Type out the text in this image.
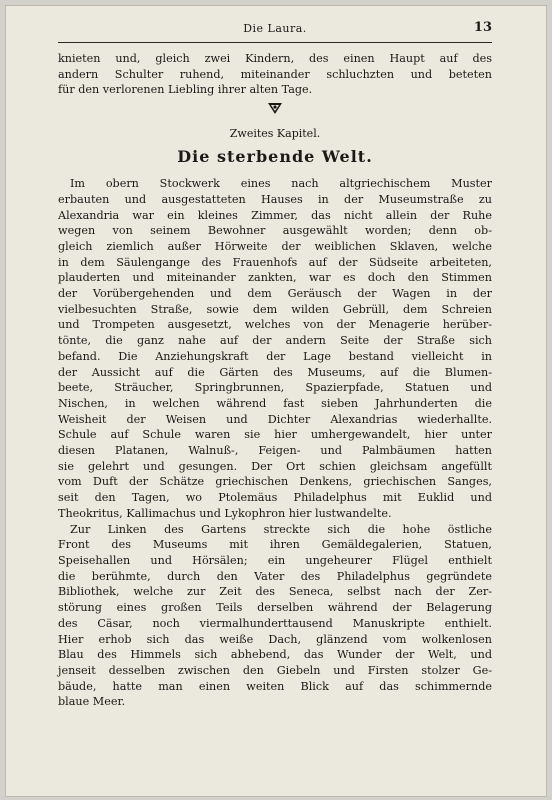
Die Laura.	13
knieten und, gleich zwei Kindern, des einen Haupt auf des
andern Schulter ruhend, miteinander schluchzten und beteten
für den verlorenen Liebling ihrer alten Tage.
Zweites Kapitel.
Die sterbende Welt.
Im obern Stockwerk eines nach altgriechischem Muster
erbauten und ausgestatteten Hauses in der Museumstraße zu
Alexandria war ein kleines Zimmer, das nicht allein der Ruhe
wegen von seinem Bewohner ausgewählt worden; denn ob-
gleich ziemlich außer Hörweite der weiblichen Sklaven, welche
in dem Säulengange des Frauenhofs auf der Südseite arbeiteten,
plauderten und miteinander zankten, war es doch den Stimmen
der Vorübergehenden und dem Geräusch der Wagen in der
vielbesuchten Straße, sowie dem wilden Gebrüll, dem Schreien
und Trompeten ausgesetzt, welches von der Menagerie herüber-
tönte, die ganz nahe auf der andern Seite der Straße sich
befand. Die Anziehungskraft der Lage bestand vielleicht in
der Aussicht auf die Gärten des Museums, auf die Blumen-
beete, Sträucher, Springbrunnen, Spazierpfade, Statuen und
Nischen, in welchen während fast sieben Jahrhunderten die
Weisheit der Weisen und Dichter Alexandrias wiederhallte.
Schule auf Schule waren sie hier umhergewandelt, hier unter
diesen Platanen, Walnuß-, Feigen- und Palmbäumen hatten
sie gelehrt und gesungen. Der Ort schien gleichsam angefüllt
vom Duft der Schätze griechischen Denkens, griechischen Sanges,
seit den Tagen, wo Ptolemäus Philadelphus mit Euklid und
Theokritus, Kallimachus und Lykophron hier lustwandelte.
Zur Linken des Gartens streckte sich die hohe östliche
Front des Museums mit ihren Gemäldegalerien, Statuen,
Speisehallen und Hörsälen; ein ungeheurer Flügel enthielt
die berühmte, durch den Vater des Philadelphus gegründete
Bibliothek, welche zur Zeit des Seneca, selbst nach der Zer-
störung eines großen Teils derselben während der Belagerung
des Cäsar, noch viermalhunderttausend Manuskripte enthielt.
Hier erhob sich das weiße Dach, glänzend vom wolkenlosen
Blau des Himmels sich abhebend, das Wunder der Welt, und
jenseit desselben zwischen den Giebeln und Firsten stolzer Ge-
bäude, hatte man einen weiten Blick auf das schimmernde
blaue Meer.
